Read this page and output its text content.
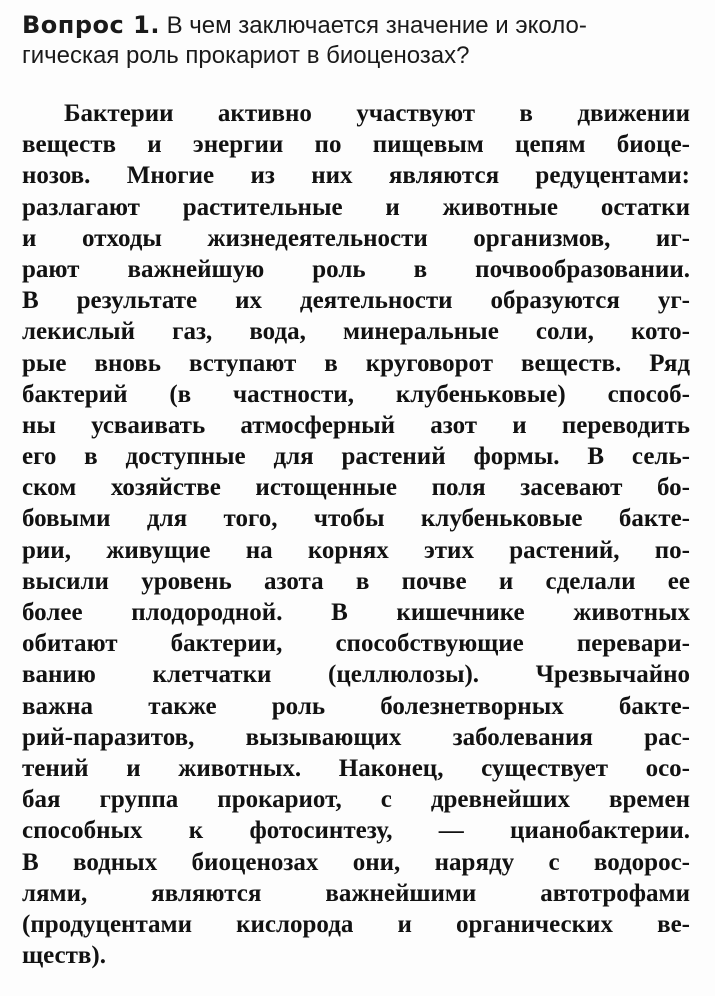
Вопрос 1. В чем заключается значение и эколо-
гическая роль прокариот в биоценозах?
Бактерии активно участвуют в движении
веществ и энергии по пищевым цепям биоце-
нозов. Многие из них являются редуцентами:
разлагают растительные и животные остатки
и отходы жизнедеятельности организмов, иг-
рают важнейшую роль в почвообразовании.
В результате их деятельности образуются уг-
лекислый газ, вода, минеральные соли, кото-
рые вновь вступают в круговорот веществ. Ряд
бактерий (в частности, клубеньковые) способ-
ны усваивать атмосферный азот и переводить
его в доступные для растений формы. В сель-
ском хозяйстве истощенные поля засевают бо-
бовыми для того, чтобы клубеньковые бакте-
рии, живущие на корнях этих растений, по-
высили уровень азота в почве и сделали ее
более плодородной. В кишечнике животных
обитают бактерии, способствующие перевари-
ванию клетчатки (целлюлозы). Чрезвычайно
важна также роль болезнетворных бакте-
рий-паразитов, вызывающих заболевания рас-
тений и животных. Наконец, существует осо-
бая группа прокариот, с древнейших времен
способных к фотосинтезу, — цианобактерии.
В водных биоценозах они, наряду с водорос-
лями, являются важнейшими автотрофами
(продуцентами кислорода и органических ве-
ществ).
